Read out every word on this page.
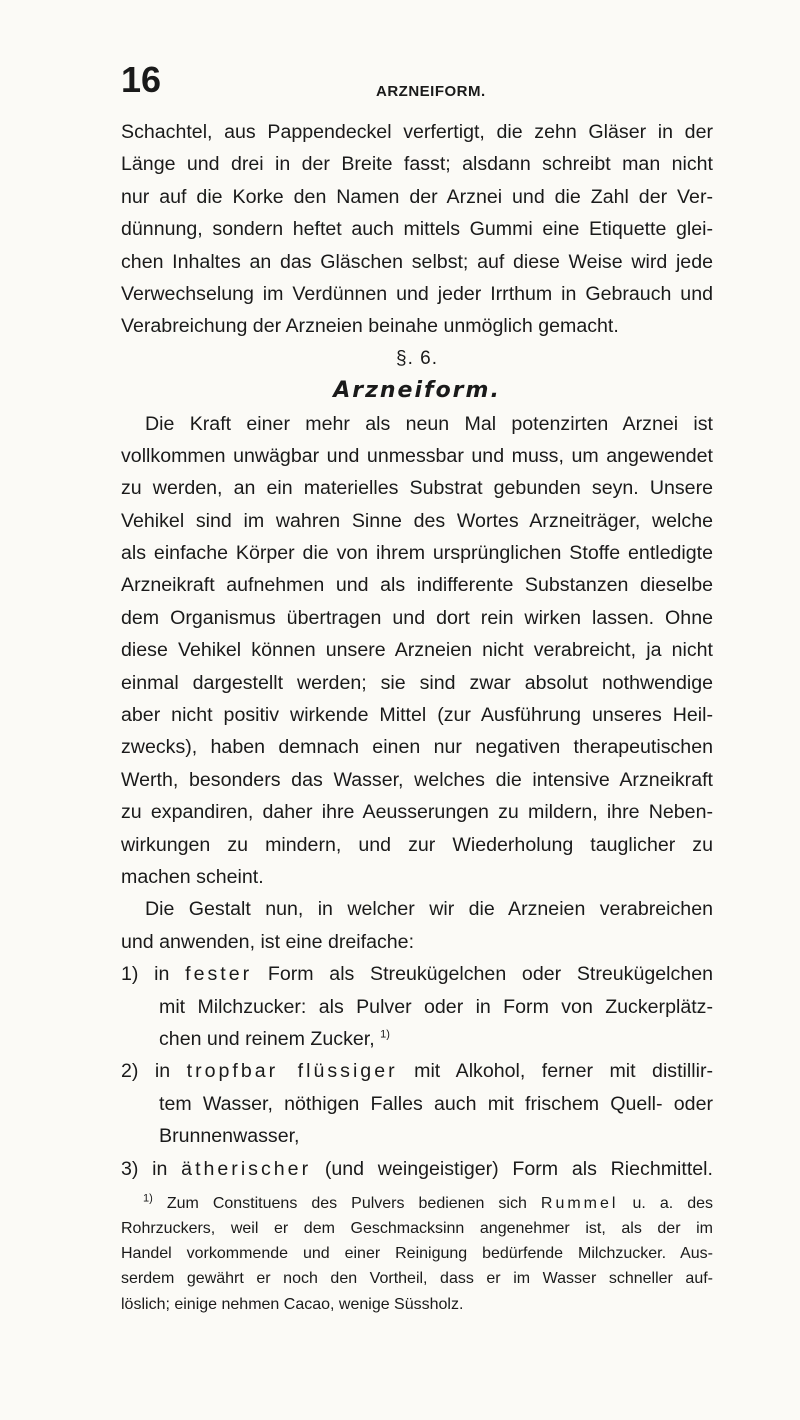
16	ARZNEIFORM.
Schachtel, aus Pappendeckel verfertigt, die zehn Gläser in der
Länge und drei in der Breite fasst; alsdann schreibt man nicht
nur auf die Korke den Namen der Arznei und die Zahl der Ver-
dünnung, sondern heftet auch mittels Gummi eine Etiquette glei-
chen Inhaltes an das Gläschen selbst; auf diese Weise wird jede
Verwechselung im Verdünnen und jeder Irrthum in Gebrauch und
Verabreichung der Arzneien beinahe unmöglich gemacht.
§. 6.
Arzneiform.
Die Kraft einer mehr als neun Mal potenzirten Arznei ist
vollkommen unwägbar und unmessbar und muss, um angewendet
zu werden, an ein materielles Substrat gebunden seyn. Unsere
Vehikel sind im wahren Sinne des Wortes Arzneiträger, welche
als einfache Körper die von ihrem ursprünglichen Stoffe entledigte
Arzneikraft aufnehmen und als indifferente Substanzen dieselbe
dem Organismus übertragen und dort rein wirken lassen. Ohne
diese Vehikel können unsere Arzneien nicht verabreicht, ja nicht
einmal dargestellt werden; sie sind zwar absolut nothwendige
aber nicht positiv wirkende Mittel (zur Ausführung unseres Heil-
zwecks), haben demnach einen nur negativen therapeutischen
Werth, besonders das Wasser, welches die intensive Arzneikraft
zu expandiren, daher ihre Aeusserungen zu mildern, ihre Neben-
wirkungen zu mindern, und zur Wiederholung tauglicher zu
machen scheint.
Die Gestalt nun, in welcher wir die Arzneien verabreichen
und anwenden, ist eine dreifache:
1) in fester Form als Streukügelchen oder Streukügelchen
mit Milchzucker: als Pulver oder in Form von Zuckerplätz-
chen und reinem Zucker, $^{1)}$
2) in tropfbar flüssiger mit Alkohol, ferner mit distillir-
tem Wasser, nöthigen Falles auch mit frischem Quell- oder
Brunnenwasser,
3) in ätherischer (und weingeistiger) Form als Riechmittel.
$^{1)}$ Zum Constituens des Pulvers bedienen sich Rummel u. a. des
Rohrzuckers, weil er dem Geschmacksinn angenehmer ist, als der im
Handel vorkommende und einer Reinigung bedürfende Milchzucker. Aus-
serdem gewährt er noch den Vortheil, dass er im Wasser schneller auf-
löslich; einige nehmen Cacao, wenige Süssholz.
